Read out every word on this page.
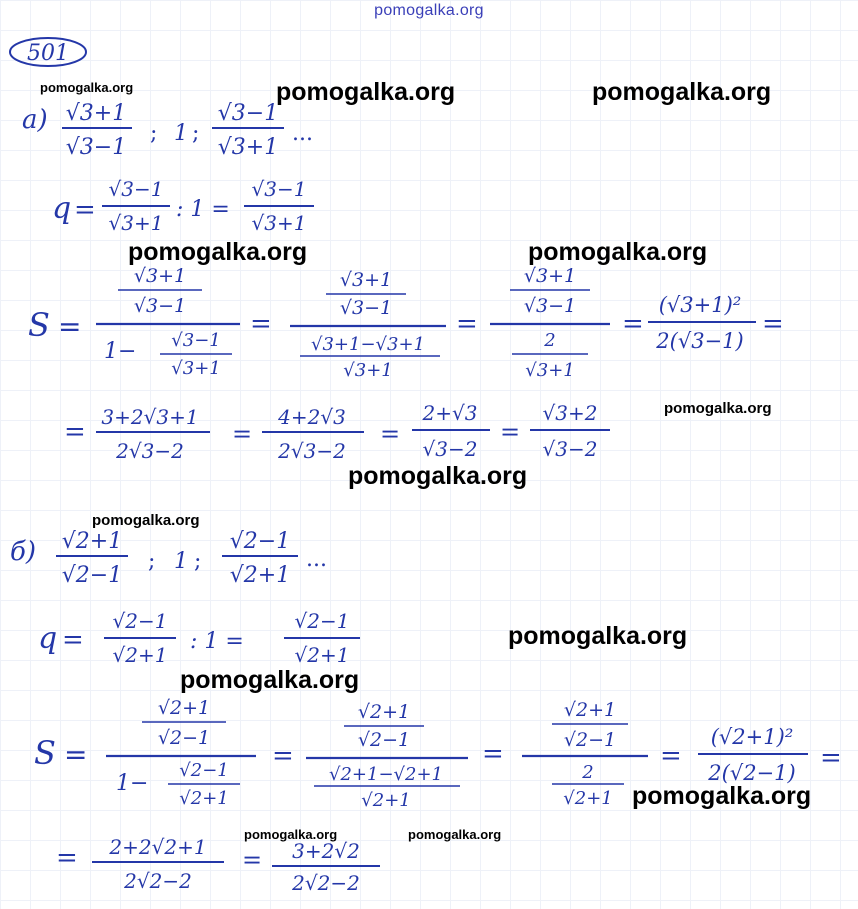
pomogalka.org
501
а) √3+1
√3−1
; 1 ;
√3−1
√3+1
...
q =
√3−1
√3+1
: 1 =
√3−1
√3+1
S =
√3+1
√3−1
1− √3−1
√3+1
=
√3+1
√3−1
√3+1−√3+1
√3+1
=
√3+1
√3−1
2
√3+1
=
(√3+1)²
2(√3−1)
=
= 3+2√3+1
2√3−2
=
4+2√3
2√3−2
=
2+√3
√3−2
=
√3+2
√3−2
б) √2+1
√2−1
; 1 ;
√2−1
√2+1
...
q =
√2−1
√2+1
: 1 =
√2−1
√2+1
S =
√2+1
√2−1
1−
√2−1
√2+1
=
√2+1
√2−1
√2+1−√2+1
√2+1
=
√2+1
√2−1
2
√2+1
=
(√2+1)²
2(√2−1) =
= 2+2√2+1
2√2−2
= 3+2√2
2√2−2
pomogalka.org	pomogalka.org	pomogalka.org
pomogalka.org	pomogalka.org
pomogalka.org
pomogalka.org
pomogalka.org
pomogalka.org
pomogalka.org
pomogalka.org
pomogalka.org	pomogalka.org
